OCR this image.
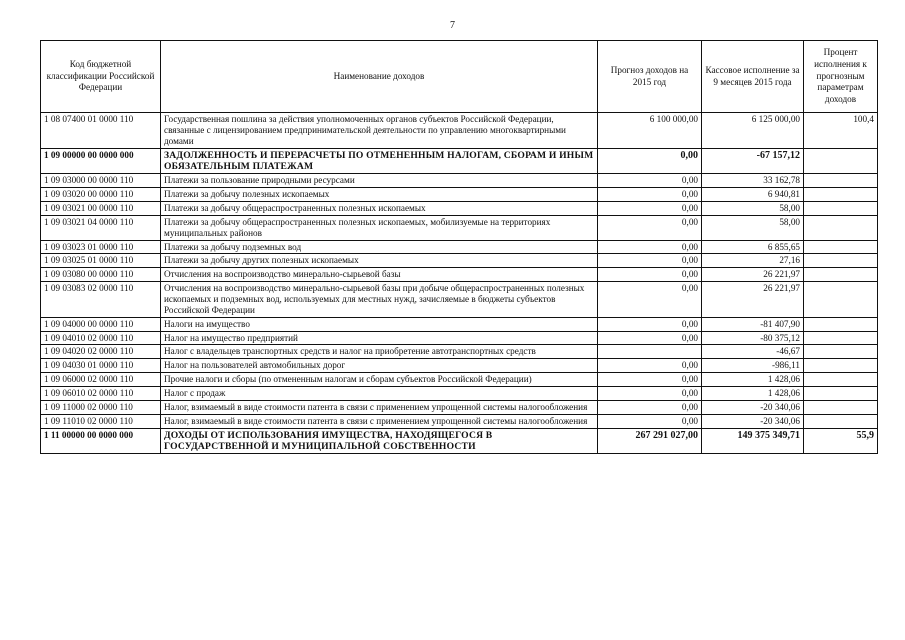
7
Код бюджетной классификации Российской Федерации	Наименование доходов	Прогноз доходов на 2015 год	Кассовое исполнение за 9 месяцев 2015 года	Процент исполнения к прогнозным параметрам доходов
1 08 07400 01 0000 110	Государственная пошлина за действия уполномоченных органов субъектов Российской Федерации, связанные с лицензированием предпринимательской деятельности по управлению многоквартирными домами	6 100 000,00	6 125 000,00	100,4
1 09 00000 00 0000 000	ЗАДОЛЖЕННОСТЬ И ПЕРЕРАСЧЕТЫ ПО ОТМЕНЕННЫМ НАЛОГАМ, СБОРАМ И ИНЫМ ОБЯЗАТЕЛЬНЫМ ПЛАТЕЖАМ	0,00	-67 157,12	
1 09 03000 00 0000 110	Платежи за пользование природными ресурсами	0,00	33 162,78	
1 09 03020 00 0000 110	Платежи за добычу полезных ископаемых	0,00	6 940,81	
1 09 03021 00 0000 110	Платежи за добычу общераспространенных полезных ископаемых	0,00	58,00	
1 09 03021 04 0000 110	Платежи за добычу общераспространенных полезных ископаемых, мобилизуемые на территориях муниципальных районов	0,00	58,00	
1 09 03023 01 0000 110	Платежи за добычу подземных вод	0,00	6 855,65	
1 09 03025 01 0000 110	Платежи за добычу других полезных ископаемых	0,00	27,16	
1 09 03080 00 0000 110	Отчисления на воспроизводство минерально-сырьевой базы	0,00	26 221,97	
1 09 03083 02 0000 110	Отчисления на воспроизводство минерально-сырьевой базы при добыче общераспространенных полезных ископаемых и подземных вод, используемых для местных нужд, зачисляемые в бюджеты субъектов Российской Федерации	0,00	26 221,97	
1 09 04000 00 0000 110	Налоги на имущество	0,00	-81 407,90	
1 09 04010 02 0000 110	Налог на имущество предприятий	0,00	-80 375,12	
1 09 04020 02 0000 110	Налог с владельцев транспортных средств и налог на приобретение автотранспортных средств		-46,67	
1 09 04030 01 0000 110	Налог на пользователей автомобильных дорог	0,00	-986,11	
1 09 06000 02 0000 110	Прочие налоги и сборы (по отмененным налогам и сборам субъектов Российской Федерации)	0,00	1 428,06	
1 09 06010 02 0000 110	Налог с продаж	0,00	1 428,06	
1 09 11000 02 0000 110	Налог, взимаемый в виде стоимости патента в связи с применением упрощенной системы налогообложения	0,00	-20 340,06	
1 09 11010 02 0000 110	Налог, взимаемый в виде стоимости патента в связи с применением упрощенной системы налогообложения	0,00	-20 340,06	
1 11 00000 00 0000 000	ДОХОДЫ ОТ ИСПОЛЬЗОВАНИЯ ИМУЩЕСТВА, НАХОДЯЩЕГОСЯ В ГОСУДАРСТВЕННОЙ И МУНИЦИПАЛЬНОЙ СОБСТВЕННОСТИ	267 291 027,00	149 375 349,71	55,9
